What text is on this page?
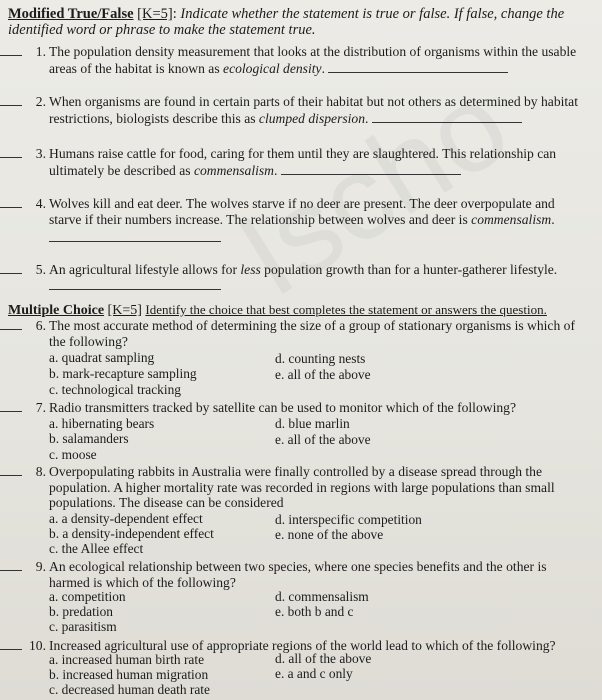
Modified True/False [K=5]: Indicate whether the statement is true or false. If false, change the identified word or phrase to make the statement true.
1. The population density measurement that looks at the distribution of organisms within the usable areas of the habitat is known as ecological density.
2. When organisms are found in certain parts of their habitat but not others as determined by habitat restrictions, biologists describe this as clumped dispersion.
3. Humans raise cattle for food, caring for them until they are slaughtered. This relationship can ultimately be described as commensalism.
4. Wolves kill and eat deer. The wolves starve if no deer are present. The deer overpopulate and starve if their numbers increase. The relationship between wolves and deer is commensalism.
5. An agricultural lifestyle allows for less population growth than for a hunter-gatherer lifestyle.
Multiple Choice [K=5] Identify the choice that best completes the statement or answers the question.
6. The most accurate method of determining the size of a group of stationary organisms is which of the following?
a. quadrat sampling	d. counting nests
b. mark-recapture sampling	e. all of the above
c. technological tracking
7. Radio transmitters tracked by satellite can be used to monitor which of the following?
a. hibernating bears	d. blue marlin
b. salamanders	e. all of the above
c. moose
8. Overpopulating rabbits in Australia were finally controlled by a disease spread through the population. A higher mortality rate was recorded in regions with large populations than small populations. The disease can be considered
a. a density-dependent effect	d. interspecific competition
b. a density-independent effect	e. none of the above
c. the Allee effect
9. An ecological relationship between two species, where one species benefits and the other is harmed is which of the following?
a. competition	d. commensalism
b. predation	e. both b and c
c. parasitism
10. Increased agricultural use of appropriate regions of the world lead to which of the following?
a. increased human birth rate	d. all of the above
b. increased human migration	e. a and c only
c. decreased human death rate
